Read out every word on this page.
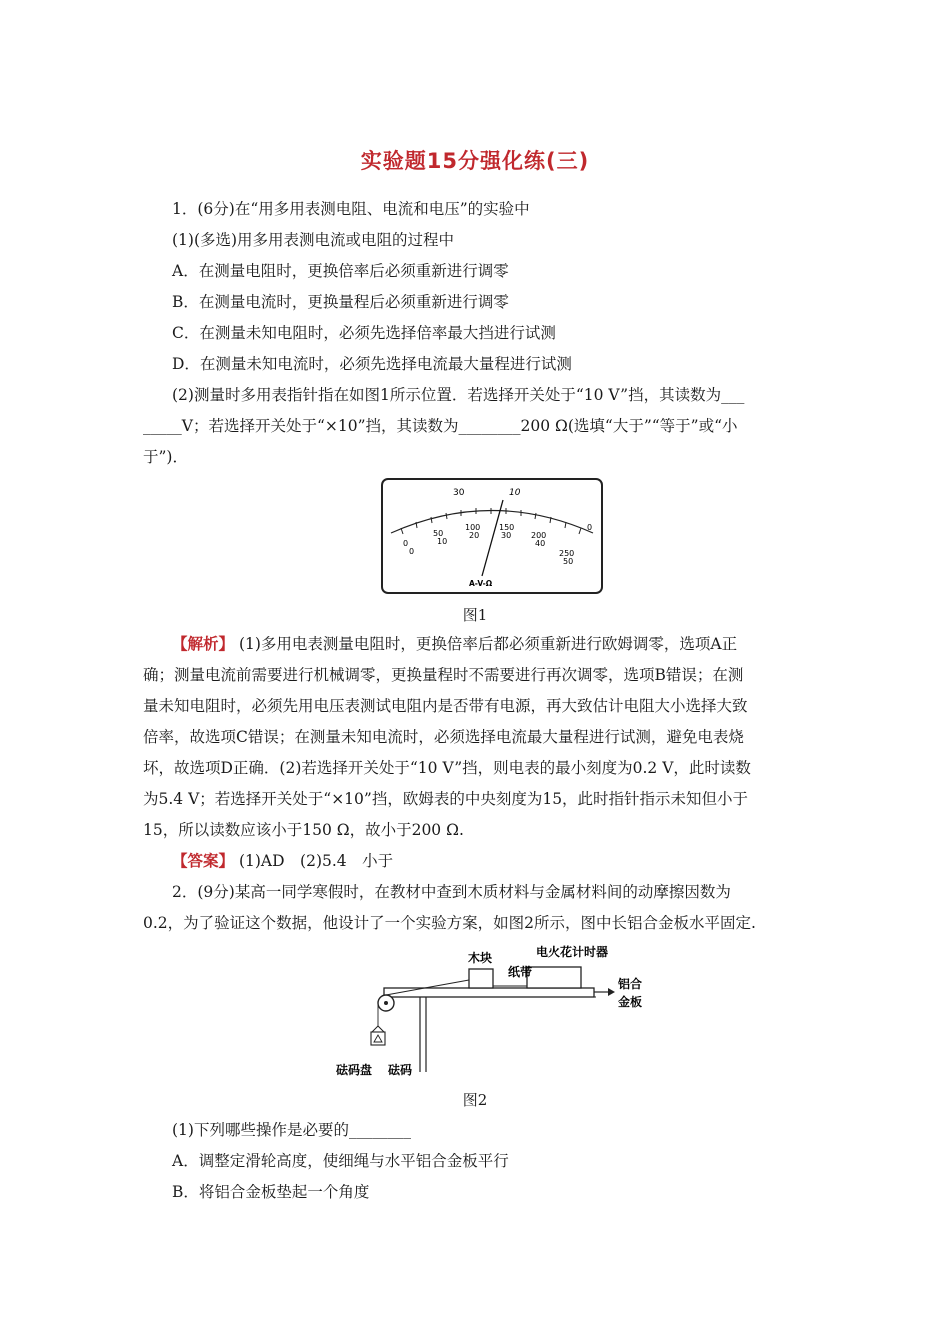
实验题15分强化练(三)
1．(6分)在“用多用表测电阻、电流和电压”的实验中
(1)(多选)用多用表测电流或电阻的过程中
A．在测量电阻时，更换倍率后必须重新进行调零
B．在测量电流时，更换量程后必须重新进行调零
C．在测量未知电阻时，必须先选择倍率最大挡进行试测
D．在测量未知电流时，必须先选择电流最大量程进行试测
(2)测量时多用表指针指在如图1所示位置．若选择开关处于“10 V”挡，其读数为___
_____V；若选择开关处于“×10”挡，其读数为________200 Ω(选填“大于”“等于”或“小
于”)．
30	10
0
0
50
10
100
20
150
30 200
40
250
50
0
A-V-Ω
图1
【解析】 (1)多用电表测量电阻时，更换倍率后都必须重新进行欧姆调零，选项A正
确；测量电流前需要进行机械调零，更换量程时不需要进行再次调零，选项B错误；在测
量未知电阻时，必须先用电压表测试电阻内是否带有电源，再大致估计电阻大小选择大致
倍率，故选项C错误；在测量未知电流时，必须选择电流最大量程进行试测，避免电表烧
坏，故选项D正确．(2)若选择开关处于“10 V”挡，则电表的最小刻度为0.2 V，此时读数
为5.4 V；若选择开关处于“×10”挡，欧姆表的中央刻度为15，此时指针指示未知但小于
15，所以读数应该小于150 Ω，故小于200 Ω.
【答案】 (1)AD　(2)5.4　小于
2．(9分)某高一同学寒假时，在教材中查到木质材料与金属材料间的动摩擦因数为
0.2，为了验证这个数据，他设计了一个实验方案，如图2所示，图中长铝合金板水平固定.
木块	电火花计时器
纸带
铝合
金板
砝码盘 砝码
图2
(1)下列哪些操作是必要的________
A．调整定滑轮高度，使细绳与水平铝合金板平行
B．将铝合金板垫起一个角度
